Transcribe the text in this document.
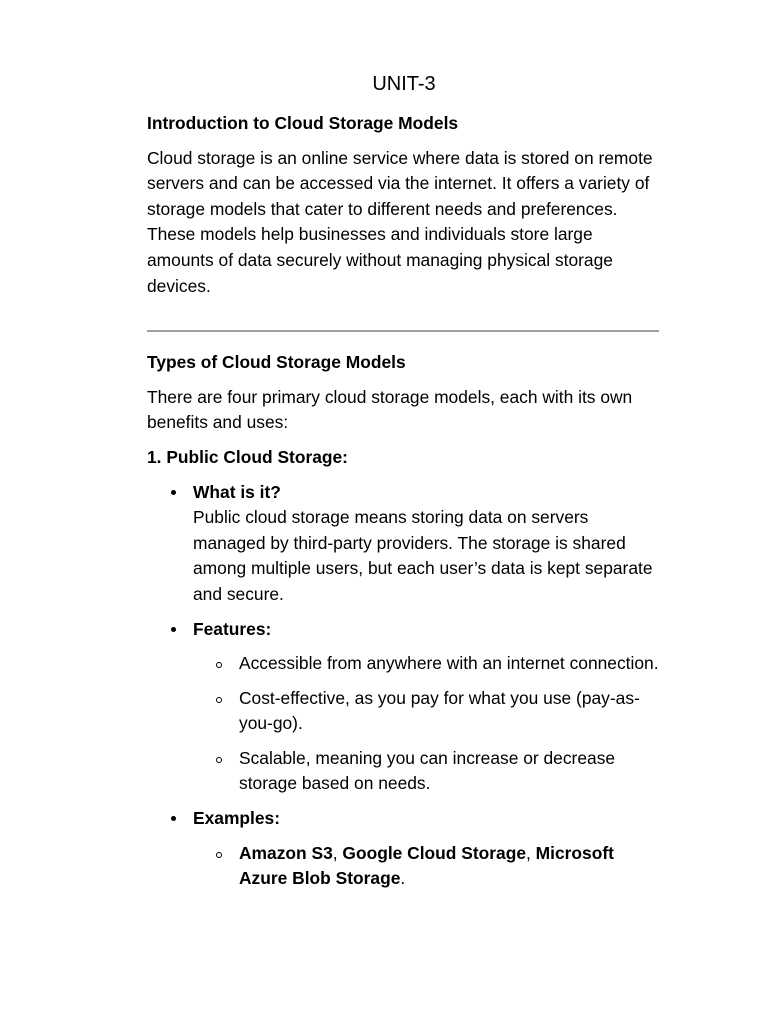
UNIT-3
Introduction to Cloud Storage Models

Cloud storage is an online service where data is stored on remote servers and can be accessed via the internet. It offers a variety of storage models that cater to different needs and preferences. These models help businesses and individuals store large amounts of data securely without managing physical storage devices.

Types of Cloud Storage Models

There are four primary cloud storage models, each with its own benefits and uses:

1. Public Cloud Storage:
What is it?
Public cloud storage means storing data on servers managed by third-party providers. The storage is shared among multiple users, but each user’s data is kept separate and secure.
Features:
Accessible from anywhere with an internet connection.
Cost-effective, as you pay for what you use (pay-as-you-go).
Scalable, meaning you can increase or decrease storage based on needs.
Examples:
Amazon S3, Google Cloud Storage, Microsoft Azure Blob Storage.
